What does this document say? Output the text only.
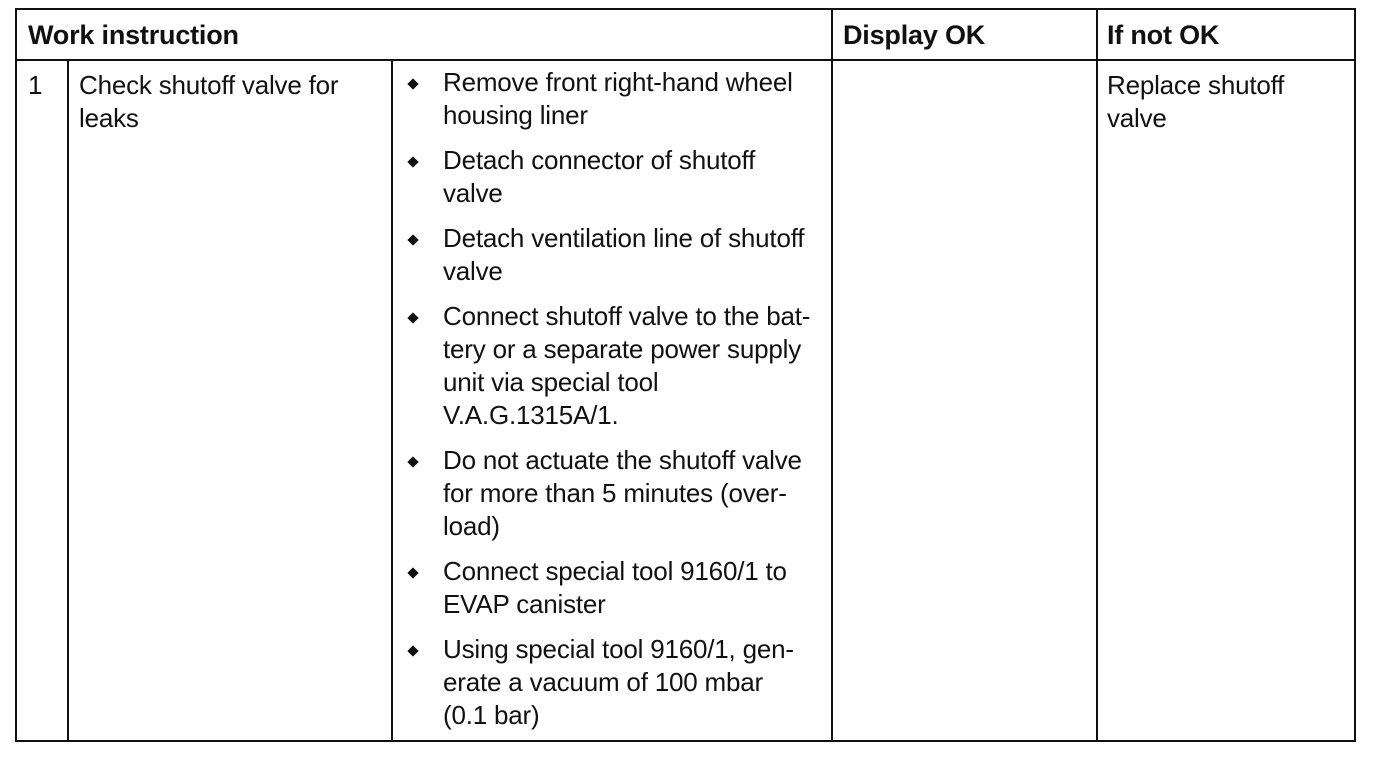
Work instruction	Display OK	If not OK
1 Check shutoff valve for
leaks
Remove front right-hand wheel
housing liner
Detach connector of shutoff
valve
Detach ventilation line of shutoff
valve
Connect shutoff valve to the bat-
tery or a separate power supply
unit via special tool
V.A.G.1315A/1.
Do not actuate the shutoff valve
for more than 5 minutes (over-
load)
Connect special tool 9160/1 to
EVAP canister
Using special tool 9160/1, gen-
erate a vacuum of 100 mbar
(0.1 bar)
Replace shutoff
valve
